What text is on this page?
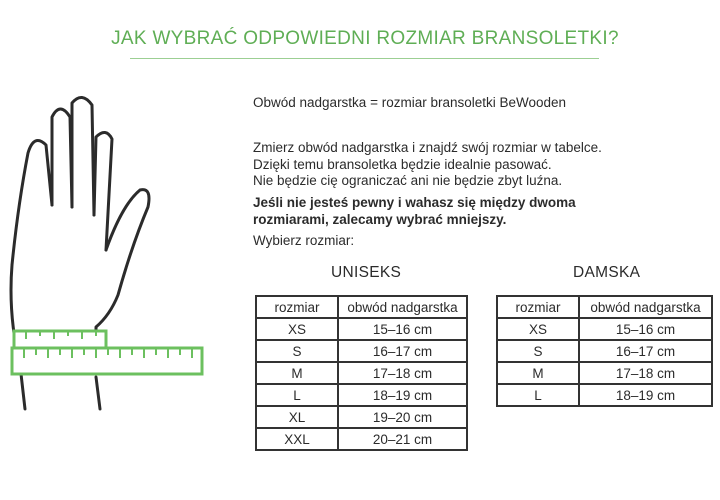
JAK WYBRAĆ ODPOWIEDNI ROZMIAR BRANSOLETKI?
Obwód nadgarstka = rozmiar bransoletki BeWooden
Zmierz obwód nadgarstka i znajdź swój rozmiar w tabelce.
Dzięki temu bransoletka będzie idealnie pasować.
Nie będzie cię ograniczać ani nie będzie zbyt luźna.
Jeśli nie jesteś pewny i wahasz się między dwoma
rozmiarami, zalecamy wybrać mniejszy.
Wybierz rozmiar:
UNISEKS
rozmiar	obwód nadgarstka
XS	15–16 cm
S	16–17 cm
M	17–18 cm
L	18–19 cm
XL	19–20 cm
XXL	20–21 cm
DAMSKA
rozmiar	obwód nadgarstka
XS	15–16 cm
S	16–17 cm
M	17–18 cm
L	18–19 cm
